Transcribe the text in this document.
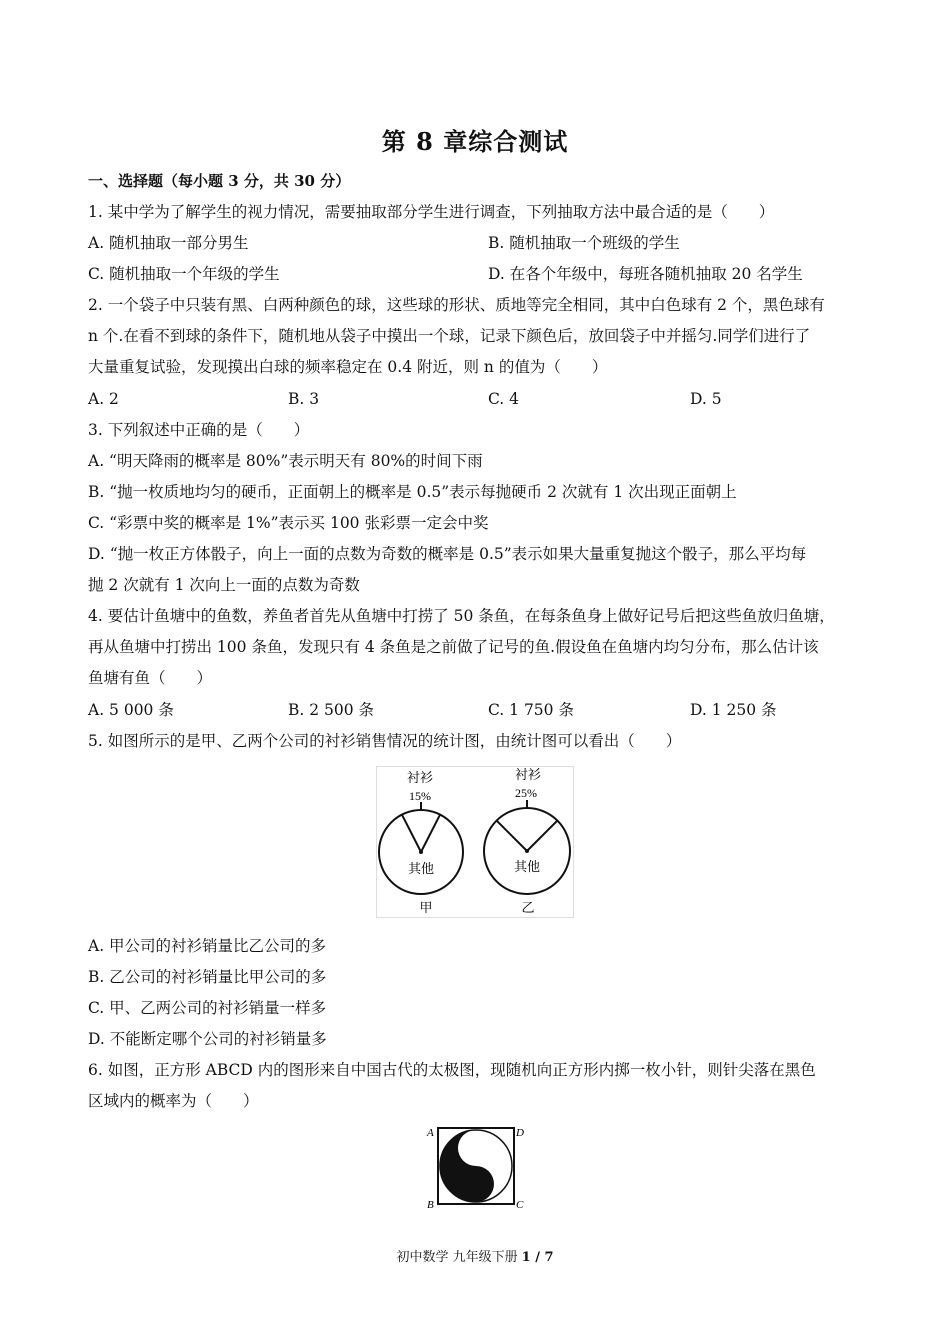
第 8 章综合测试
一、选择题（每小题 3 分，共 30 分）
1. 某中学为了解学生的视力情况，需要抽取部分学生进行调查，下列抽取方法中最合适的是（　　）
A. 随机抽取一部分男生	B. 随机抽取一个班级的学生
C. 随机抽取一个年级的学生	D. 在各个年级中，每班各随机抽取 20 名学生
2. 一个袋子中只装有黑、白两种颜色的球，这些球的形状、质地等完全相同，其中白色球有 2 个，黑色球有
n 个.在看不到球的条件下，随机地从袋子中摸出一个球，记录下颜色后，放回袋子中并摇匀.同学们进行了
大量重复试验，发现摸出白球的频率稳定在 0.4 附近，则 n 的值为（　　）
A. 2	B. 3	C. 4	D. 5
3. 下列叙述中正确的是（　　）
A. “明天降雨的概率是 80%”表示明天有 80%的时间下雨
B. “抛一枚质地均匀的硬币，正面朝上的概率是 0.5”表示每抛硬币 2 次就有 1 次出现正面朝上
C. “彩票中奖的概率是 1%”表示买 100 张彩票一定会中奖
D. “抛一枚正方体骰子，向上一面的点数为奇数的概率是 0.5”表示如果大量重复抛这个骰子，那么平均每
抛 2 次就有 1 次向上一面的点数为奇数
4. 要估计鱼塘中的鱼数，养鱼者首先从鱼塘中打捞了 50 条鱼，在每条鱼身上做好记号后把这些鱼放归鱼塘，
再从鱼塘中打捞出 100 条鱼，发现只有 4 条鱼是之前做了记号的鱼.假设鱼在鱼塘内均匀分布，那么估计该
鱼塘有鱼（　　）
A. 5 000 条	B. 2 500 条	C. 1 750 条	D. 1 250 条
5. 如图所示的是甲、乙两个公司的衬衫销售情况的统计图，由统计图可以看出（　　）
衬衫
15%
其他
甲
衬衫
25%
其他
乙
A. 甲公司的衬衫销量比乙公司的多
B. 乙公司的衬衫销量比甲公司的多
C. 甲、乙两公司的衬衫销量一样多
D. 不能断定哪个公司的衬衫销量多
6. 如图，正方形 ABCD 内的图形来自中国古代的太极图，现随机向正方形内掷一枚小针，则针尖落在黑色
区域内的概率为（　　）
A	D
B	C
初中数学 九年级下册 1 / 7
